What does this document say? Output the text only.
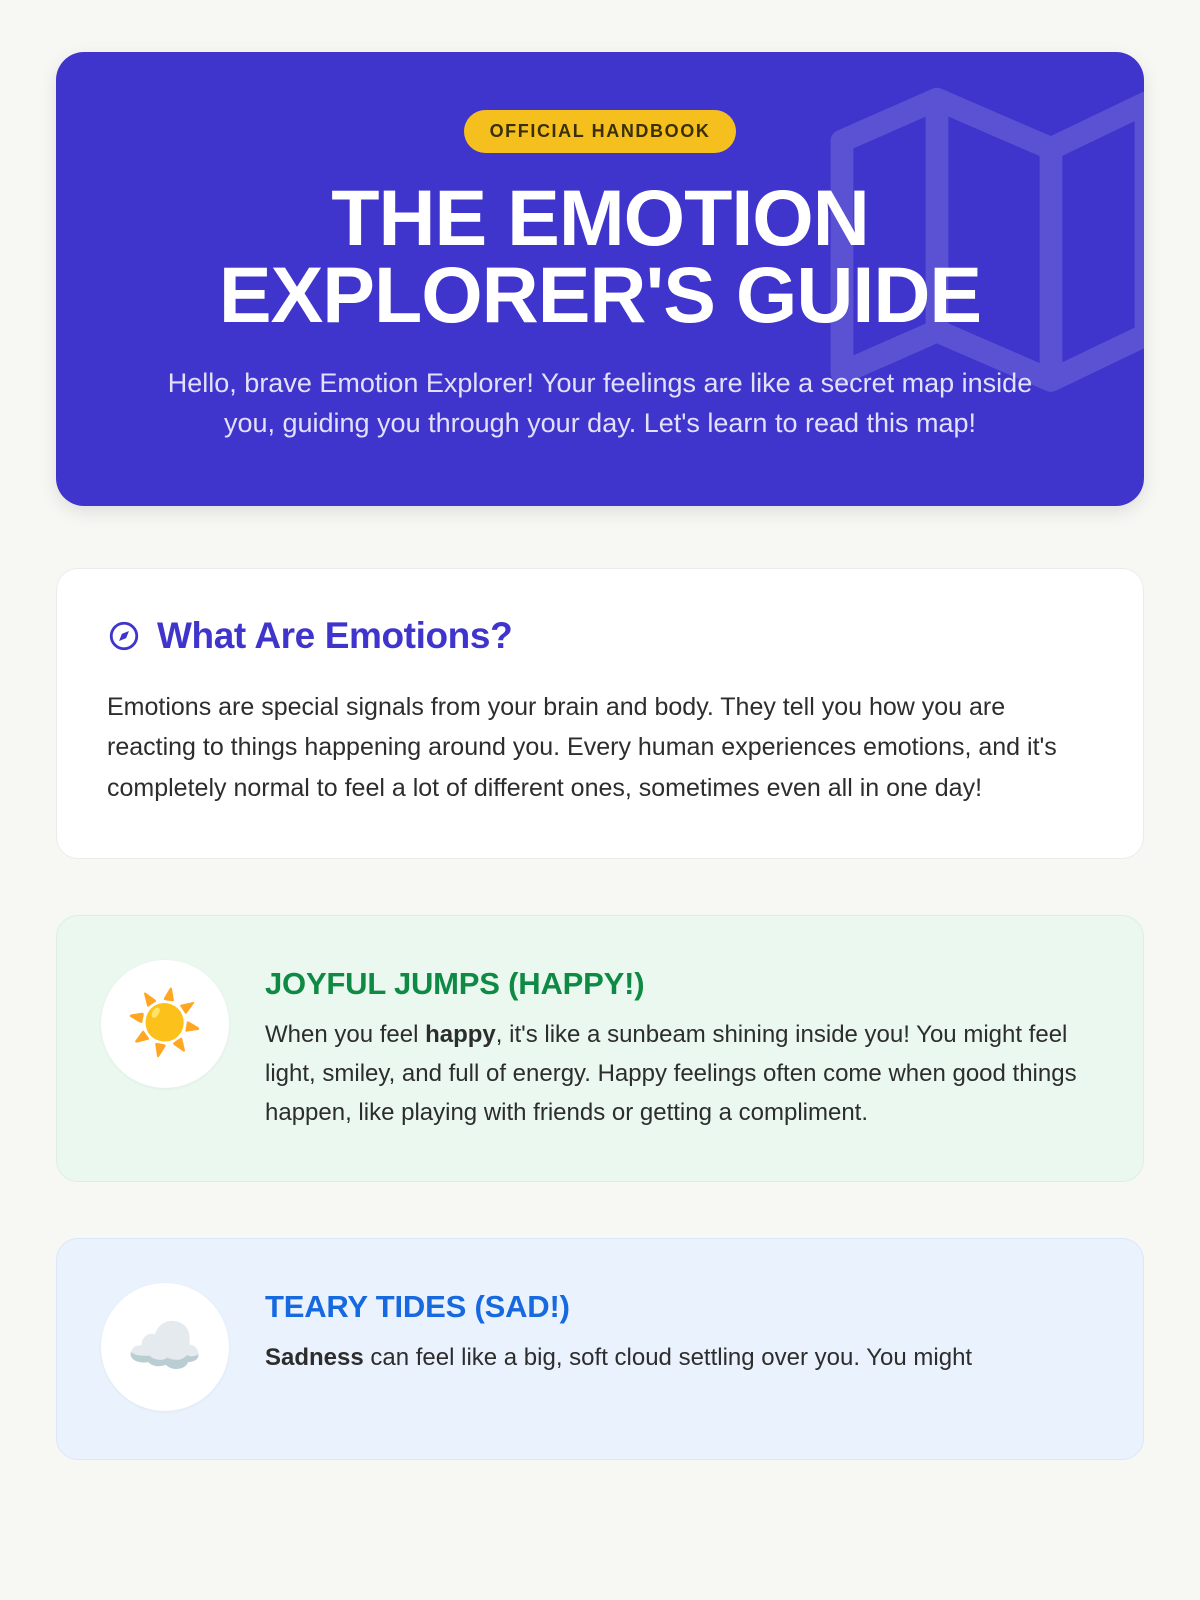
OFFICIAL HANDBOOK
THE EMOTION
EXPLORER'S GUIDE

Hello, brave Emotion Explorer! Your feelings are like a secret map inside you, guiding you through your day. Let's learn to read this map!

What Are Emotions?

Emotions are special signals from your brain and body. They tell you how you are reacting to things happening around you. Every human experiences emotions, and it's completely normal to feel a lot of different ones, sometimes even all in one day!

☀️
JOYFUL JUMPS (HAPPY!)

When you feel happy, it's like a sunbeam shining inside you! You might feel light, smiley, and full of energy. Happy feelings often come when good things happen, like playing with friends or getting a compliment.

☁️
TEARY TIDES (SAD!)

Sadness can feel like a big, soft cloud settling over you. You might
